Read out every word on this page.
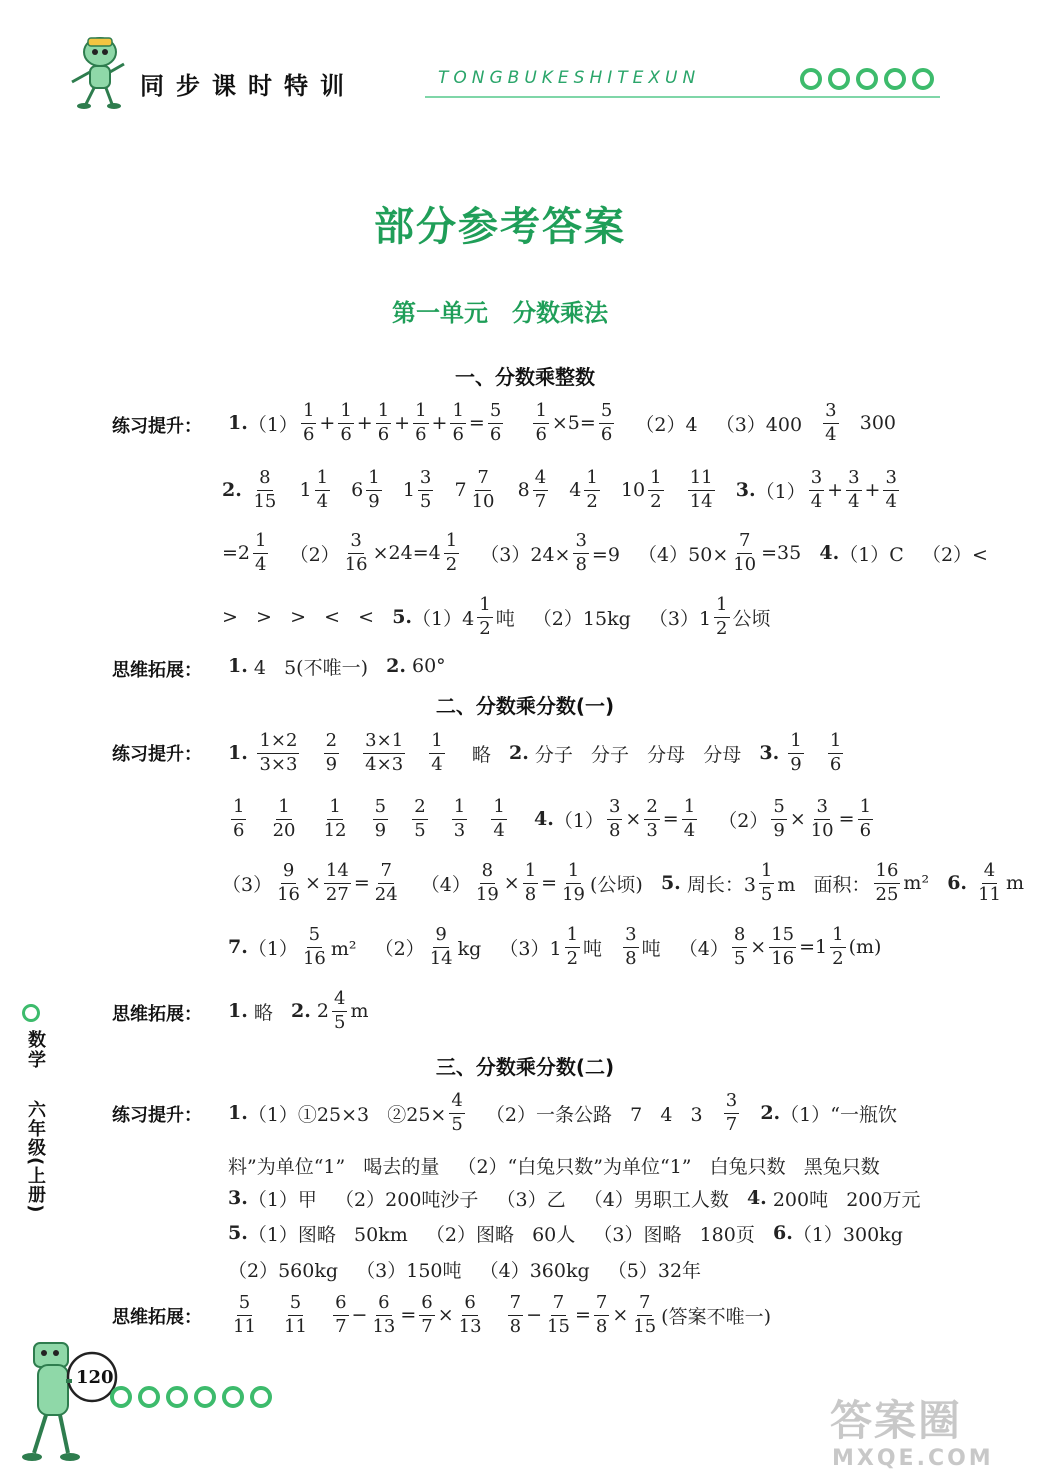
同步课时特训	TONGBUKESHITEXUN
部分参考答案
第一单元　分数乘法
一、分数乘整数
练习提升： 1. $(1) \frac{1}{6} + \frac{1}{6} + \frac{1}{6} + \frac{1}{6} + \frac{1}{6} = \frac{5}{6}$
$\frac{1}{6} \times 5= \frac{5}{6} (2)4$   $(3)400 \frac{3}{4} 300$
2. $\frac{8}{15} 1 \frac{1}{4} 6 \frac{1}{9} 1 \frac{3}{5} 7 \frac{7}{10} 8 \frac{4}{7} 4 \frac{1}{2} 10 \frac{1}{2}$
$\frac{11}{14}$
3. $(1) \frac{3}{4} + \frac{3}{4} + \frac{3}{4}$
$=2 \frac{1}{4} (2) \frac{3}{16} \times 24=4 \frac{1}{2} (3)24\times \frac{3}{8} =9$   $(4)50\times \frac{7}{10} =35$ 4. （1）C   （2）<
>   >   >   <   < 5. $(1)4 \frac{1}{2}$ 吨   （2）15kg   $(3)1 \frac{1}{2}$ 公顷
思维拓展： 1. 4   5(不唯一) 2. 60°
二、分数乘分数(一)
练习提升： 1. $\frac{1\times 2}{3\times 3}$
$\frac{2}{9}$
$\frac{3\times 1}{4\times 3}$
$\frac{1}{4}$ 略 2. 分子   分子   分母   分母 3.
$\frac{1}{9}$
$\frac{1}{6}$
$\frac{1}{6}$
$\frac{1}{20}$
$\frac{1}{12}$
$\frac{5}{9}$
$\frac{2}{5}$
$\frac{1}{3}$
$\frac{1}{4}$
4. $(1) \frac{3}{8} \times \frac{2}{3} = \frac{1}{4} (2) \frac{5}{9} \times \frac{3}{10} = \frac{1}{6}$
$(3) \frac{9}{16} \times \frac{14}{27} = \frac{7}{24} (4) \frac{8}{19} \times \frac{1}{8} = \frac{1}{19}$ (公顷) 5. 周长：$3 \frac{1}{5}$ m   面积： $\frac{16}{25} m^2$ 6.
$\frac{4}{11}$ m
7. $(1) \frac{5}{16} m^2$   $(2) \frac{9}{14}$ kg   $(3)1 \frac{1}{2}$ 吨 $\frac{3}{8}$ 吨   $(4) \frac{8}{5} \times \frac{15}{16} =1 \frac{1}{2} (m)$
思维拓展： 1. 略 2. $2 \frac{4}{5}$ m
三、分数乘分数(二)
练习提升： 1. （1）①25×3   ②25× $\frac{4}{5} (2)$一条公路   7   4   $3 \frac{3}{7}$
2. （1）“一瓶饮
料”为单位“1”   喝去的量   （2）“白兔只数”为单位“1”   白兔只数   黑兔只数
3. （1）甲   （2）200吨沙子   （3）乙   （4）男职工人数 4. 200吨   200万元
5. （1）图略   50km   （2）图略   60人   （3）图略   180页 6. （1）300kg
（2）560kg   （3）150吨   （4）360kg   （5）32年
思维拓展： $\frac{5}{11}$
$\frac{5}{11}$
$\frac{6}{7} - \frac{6}{13} = \frac{6}{7} \times \frac{6}{13}$
$\frac{7}{8} - \frac{7}{15} = \frac{7}{8} \times \frac{7}{15}$ (答案不唯一)
数学
六年级(上册)
120
答案圈
MXQE.COM
